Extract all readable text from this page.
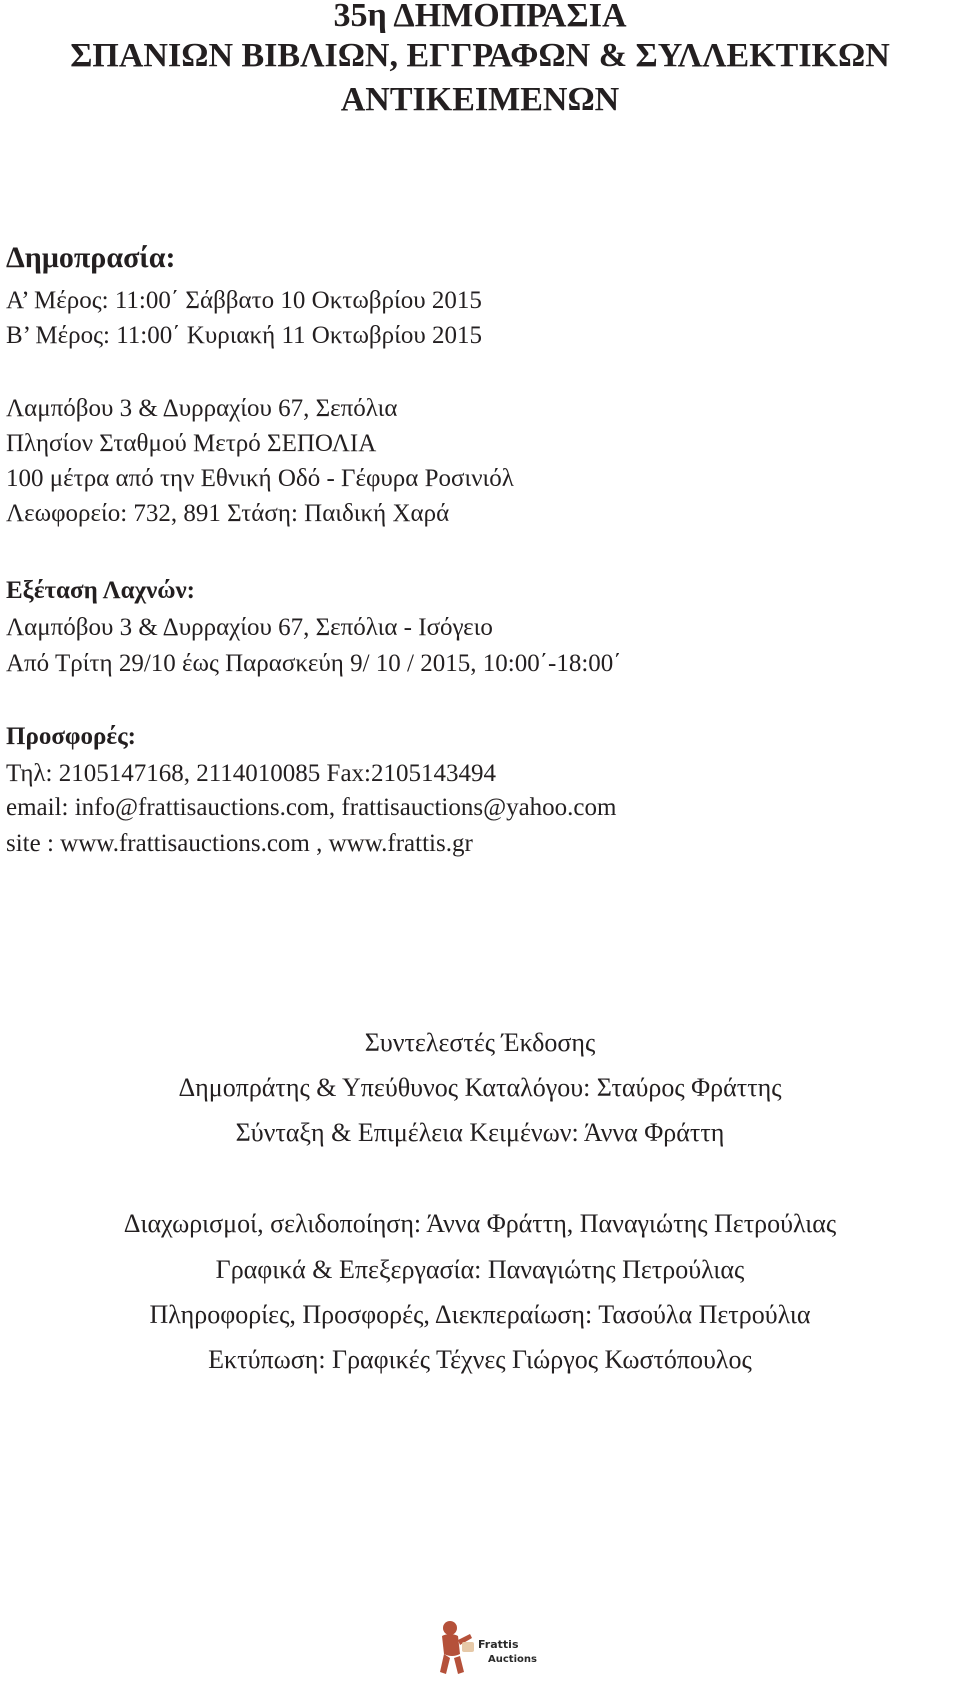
35η ΔΗΜΟΠΡΑΣΙΑ
ΣΠΑΝΙΩΝ ΒΙΒΛΙΩΝ, ΕΓΓΡΑΦΩΝ & ΣΥΛΛΕΚΤΙΚΩΝ
ΑΝΤΙΚΕΙΜΕΝΩΝ
Δημοπρασία:
Α’ Μέρος: 11:00΄ Σάββατο 10 Οκτωβρίου 2015
Β’ Μέρος: 11:00΄ Κυριακή 11 Οκτωβρίου 2015
Λαμπόβου 3 & Δυρραχίου 67, Σεπόλια
Πλησίον Σταθμού Μετρό ΣΕΠΟΛΙΑ
100 μέτρα από την Εθνική Οδό - Γέφυρα Ροσινιόλ
Λεωφορείο: 732, 891 Στάση: Παιδική Χαρά
Εξέταση Λαχνών:
Λαμπόβου 3 & Δυρραχίου 67, Σεπόλια - Ισόγειο
Από Τρίτη 29/10 έως Παρασκεύη 9/ 10 / 2015, 10:00΄-18:00΄
Προσφορές:
Τηλ: 2105147168, 2114010085 Fax:2105143494
email: info@frattisauctions.com, frattisauctions@yahoo.com
site : www.frattisauctions.com , www.frattis.gr
Συντελεστές Έκδοσης
Δημοπράτης & Υπεύθυνος Καταλόγου: Σταύρος Φράττης
Σύνταξη & Επιμέλεια Κειμένων: Άννα Φράττη
Διαχωρισμοί, σελιδοποίηση: Άννα Φράττη, Παναγιώτης Πετρούλιας
Γραφικά & Επεξεργασία: Παναγιώτης Πετρούλιας
Πληροφορίες, Προσφορές, Διεκπεραίωση: Τασούλα Πετρούλια
Εκτύπωση: Γραφικές Τέχνες Γιώργος Κωστόπουλος
Frattis
Auctions
